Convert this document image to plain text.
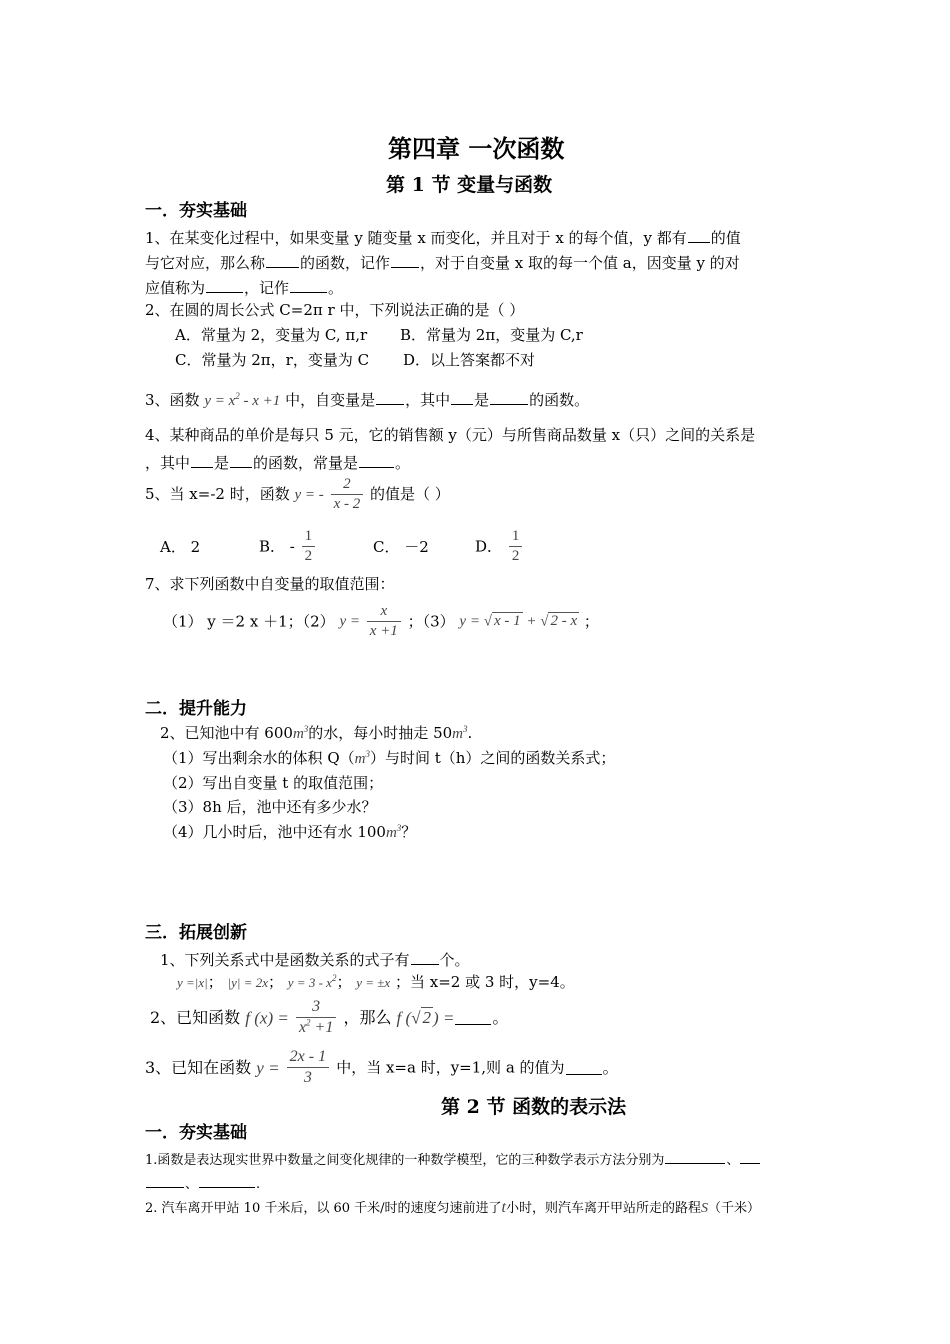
第四章 一次函数
第 1 节 变量与函数
一．夯实基础
1、在某变化过程中，如果变量 y 随变量 x 而变化，并且对于 x 的每个值，y 都有 的值
与它对应，那么称 的函数，记作 ，对于自变量 x 取的每一个值 a，因变量 y 的对
应值称为	，记作	。
2、在圆的周长公式 C=2π r 中，下列说法正确的是（ ）
A．常量为 2，变量为 C, π,r B．常量为 2π，变量为 C,r
C．常量为 2π，r，变量为 C D．以上答案都不对
3、函数 $y = x^2 - x +1$ 中，自变量是 ，其中 是	的函数。
4、某种商品的单价是每只 5 元，它的销售额 y（元）与所售商品数量 x（只）之间的关系是
，其中 是 的函数，常量是 。
5、当 x=-2 时，函数 y = - $\frac{2}{x - 2}$ 的值是（ ）
A． 2	B． - $\frac{1}{2}$	C． －2	D． $\frac{1}{2}$
7、求下列函数中自变量的取值范围：
（1） y ＝2 x ＋1；（2） $y = \frac{x}{x +1}$ ；（3） y = √ x - 1 + √ 2 - x ；
二．提升能力
2、已知池中有 $600m^3$的水，每小时抽走 $50m^3$.
（1）写出剩余水的体积 $Q(m^3)$与时间 t（h）之间的函数关系式；
（2）写出自变量 t 的取值范围；
（3）8h 后，池中还有多少水？
（4）几小时后，池中还有水 $100m^3$？
三．拓展创新
1、下列关系式中是函数关系的式子有 个。
y =|x|； |y| = 2x； $y = 3 - x^2$； y = ±x ；当 x=2 或 3 时，y=4。
2、已知函数 f $(x) = \frac{3}{x^2 +1}$ ，那么 f (√ 2 ) = 。
3、已知在函数 $y = \frac{2x - 1}{3}$ 中，当 x=a 时，y=1,则 a 的值为 。
第 2 节 函数的表示法
一．夯实基础
1.函数是表达现实世界中数量之间变化规律的一种数学模型，它的三种数学表示方法分别为	、
、	.
2. 汽车离开甲站 10 千米后，以 60 千米/时的速度匀速前进了t小时，则汽车离开甲站所走的路程S（千米）
